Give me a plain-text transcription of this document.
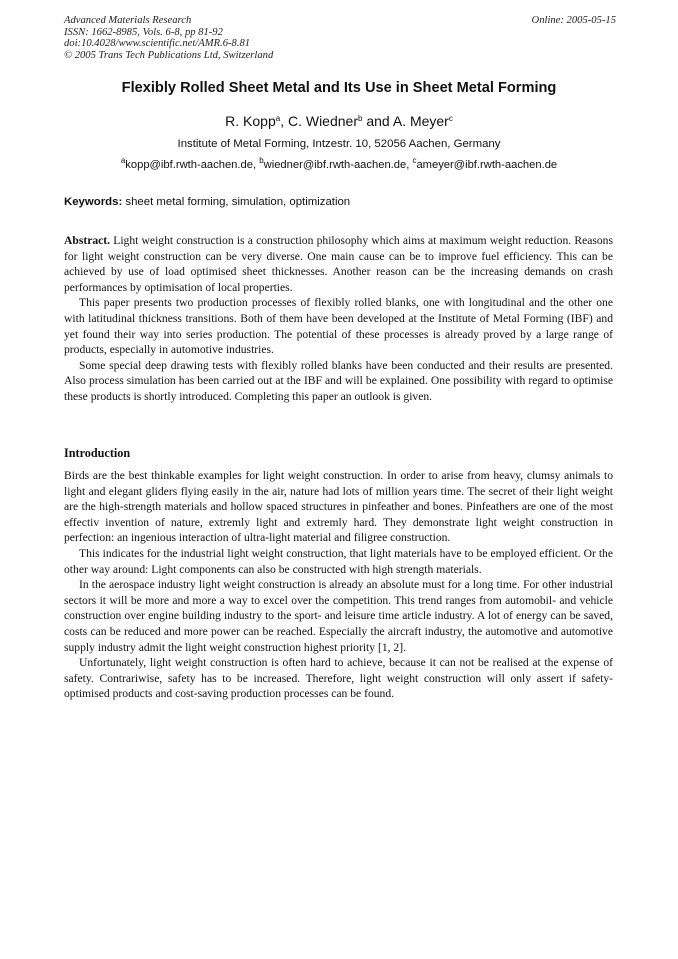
Advanced Materials Research
ISSN: 1662-8985, Vols. 6-8, pp 81-92
doi:10.4028/www.scientific.net/AMR.6-8.81
© 2005 Trans Tech Publications Ltd, Switzerland
Online: 2005-05-15
Flexibly Rolled Sheet Metal and Its Use in Sheet Metal Forming
R. Kopp$^a$, C. Wiedner$^b$ and A. Meyer$^c$
Institute of Metal Forming, Intzestr. 10, 52056 Aachen, Germany
$^a$kopp@ibf.rwth-aachen.de, $^b$wiedner@ibf.rwth-aachen.de, $^c$ameyer@ibf.rwth-aachen.de
Keywords: sheet metal forming, simulation, optimization

Abstract. Light weight construction is a construction philosophy which aims at maximum weight reduction. Reasons for light weight construction can be very diverse. One main cause can be to improve fuel efficiency. This can be achieved by use of load optimised sheet thicknesses. Another reason can be the increasing demands on crash performances by optimisation of local properties.

This paper presents two production processes of flexibly rolled blanks, one with longitudinal and the other one with latitudinal thickness transitions. Both of them have been developed at the Institute of Metal Forming (IBF) and yet found their way into series production. The potential of these processes is already proved by a large range of products, especially in automotive industries.

Some special deep drawing tests with flexibly rolled blanks have been conducted and their results are presented. Also process simulation has been carried out at the IBF and will be explained. One possibility with regard to optimise these products is shortly introduced. Completing this paper an outlook is given.

Introduction

Birds are the best thinkable examples for light weight construction. In order to arise from heavy, clumsy animals to light and elegant gliders flying easily in the air, nature had lots of million years time. The secret of their light weight are the high-strength materials and hollow spaced structures in pinfeather and bones. Pinfeathers are one of the most effectiv invention of nature, extremly light and extremly hard. They demonstrate light weight construction in perfection: an ingenious interaction of ultra-light material and filigree construction.

This indicates for the industrial light weight construction, that light materials have to be employed efficient. Or the other way around: Light components can also be constructed with high strength materials.

In the aerospace industry light weight construction is already an absolute must for a long time. For other industrial sectors it will be more and more a way to excel over the competition. This trend ranges from automobil- and vehicle construction over engine building industry to the sport- and leisure time article industry. A lot of energy can be saved, costs can be reduced and more power can be reached. Especially the aircraft industry, the automotive and automotive supply industry admit the light weight construction highest priority [1, 2].

Unfortunately, light weight construction is often hard to achieve, because it can not be realised at the expense of safety. Contrariwise, safety has to be increased. Therefore, light weight construction will only assert if safety-optimised products and cost-saving production processes can be found.
